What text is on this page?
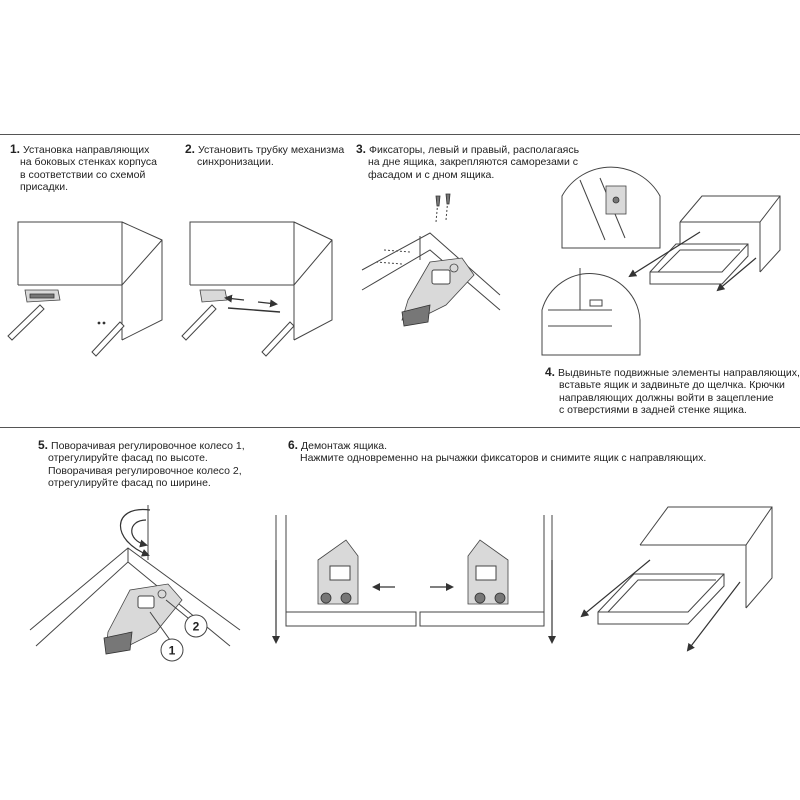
1. Установка направляющих
на боковых стенках корпуса
в соответствии со схемой
присадки.
2. Установить трубку механизма
синхронизации.
3. Фиксаторы, левый и правый, располагаясь
на дне ящика, закрепляются саморезами с
фасадом и с дном ящика.
4. Выдвиньте подвижные элементы направляющих,
вставьте ящик и задвиньте до щелчка. Крючки
направляющих должны войти в зацепление
с отверстиями в задней стенке ящика.
5. Поворачивая регулировочное колесо 1,
отрегулируйте фасад по высоте.
Поворачивая регулировочное колесо 2,
отрегулируйте фасад по ширине.
6. Демонтаж ящика.
Нажмите одновременно на рычажки фиксаторов и снимите ящик с направляющих.
1
2
